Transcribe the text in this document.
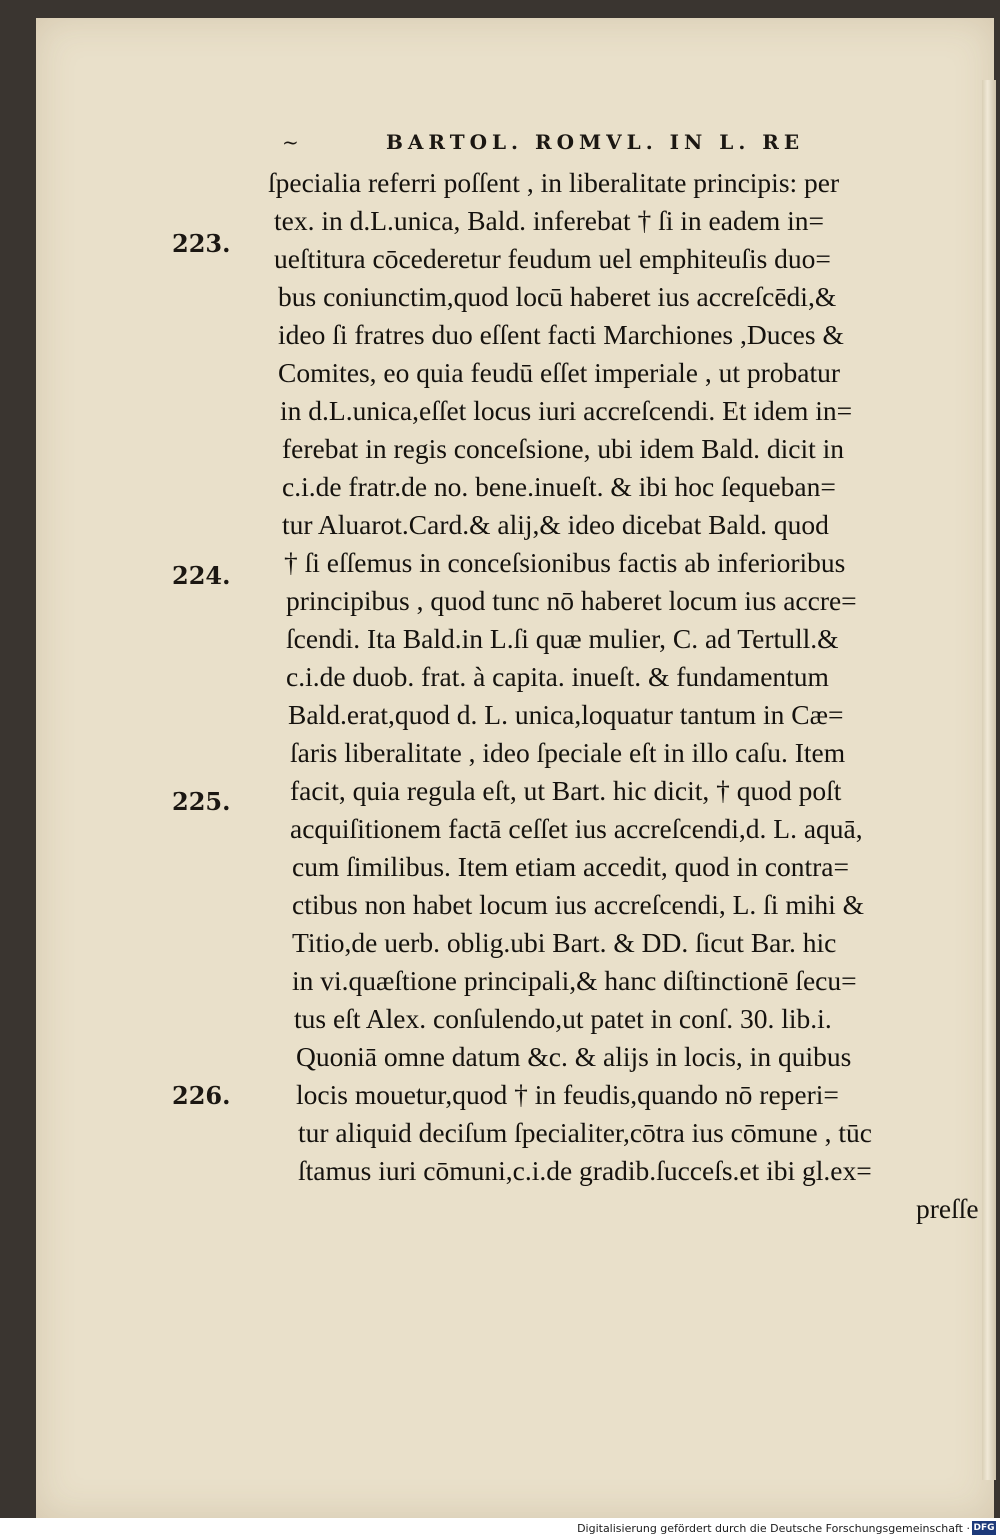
~	BARTOL. ROMVL. IN L. RE
223.
224.
225.
226.
ſpecialia referri poſſent , in liberalitate principis: per
tex. in d.L.unica, Bald. inferebat † ſi in eadem in=
ueſtitura cōcederetur feudum uel emphiteuſis duo=
bus coniunctim,quod locū haberet ius accreſcēdi,&
ideo ſi fratres duo eſſent facti Marchiones ,Duces &
Comites, eo quia feudū eſſet imperiale , ut probatur
in d.L.unica,eſſet locus iuri accreſcendi. Et idem in=
ferebat in regis conceſsione, ubi idem Bald. dicit in
c.i.de fratr.de no. bene.inueſt. & ibi hoc ſequeban=
tur Aluarot.Card.& alij,& ideo dicebat Bald. quod
† ſi eſſemus in conceſsionibus factis ab inferioribus
principibus , quod tunc nō haberet locum ius accre=
ſcendi. Ita Bald.in L.ſi quæ mulier, C. ad Tertull.&
c.i.de duob. frat. à capita. inueſt. & fundamentum
Bald.erat,quod d. L. unica,loquatur tantum in Cæ=
ſaris liberalitate , ideo ſpeciale eſt in illo caſu. Item
facit, quia regula eſt, ut Bart. hic dicit, † quod poſt
acquiſitionem factā ceſſet ius accreſcendi,d. L. aquā,
cum ſimilibus. Item etiam accedit, quod in contra=
ctibus non habet locum ius accreſcendi, L. ſi mihi &
Titio,de uerb. oblig.ubi Bart. & DD. ſicut Bar. hic
in vi.quæſtione principali,& hanc diſtinctionē ſecu=
tus eſt Alex. conſulendo,ut patet in conſ. 30. lib.i.
Quoniā omne datum &c. & alijs in locis, in quibus
locis mouetur,quod † in feudis,quando nō reperi=
tur aliquid deciſum ſpecialiter,cōtra ius cōmune , tūc
ſtamus iuri cōmuni,c.i.de gradib.ſucceſs.et ibi gl.ex=
preſſe
Digitalisierung gefördert durch die Deutsche Forschungsgemeinschaft · DFG
